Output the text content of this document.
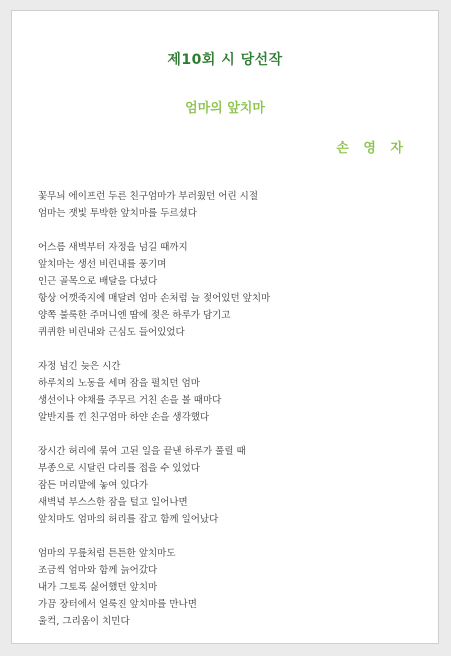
제10회 시 당선작
엄마의 앞치마
손 영 자
꽃무늬 에이프런 두른 친구엄마가 부러웠던 어린 시절
엄마는 잿빛 투박한 앞치마를 두르셨다
어스름 새벽부터 자정을 넘길 때까지
앞치마는 생선 비린내를 풍기며
인근 골목으로 배달을 다녔다
항상 어깻죽지에 매달려 엄마 손처럼 늘 젖어있던 앞치마
양쪽 불룩한 주머니엔 땀에 젖은 하루가 담기고
퀴퀴한 비린내와 근심도 들어있었다
자정 넘긴 늦은 시간
하루치의 노동을 세며 잠을 펼치던 엄마
생선이나 야채를 주무르 거친 손을 볼 때마다
알반지를 낀 친구엄마 하얀 손을 생각했다
장시간 허리에 묶여 고된 일을 끝낸 하루가 풀릴 때
부종으로 시달린 다리를 접을 수 있었다
잠든 머리맡에 놓여 있다가
새벽녘 부스스한 잠을 털고 일어나면
앞치마도 엄마의 허리를 잡고 함께 일어났다
엄마의 무릎처럼 튼튼한 앞치마도
조금씩 엄마와 함께 늙어갔다
내가 그토록 싫어했던 앞치마
가끔 장터에서 얼룩진 앞치마를 만나면
울컥, 그리움이 치민다
